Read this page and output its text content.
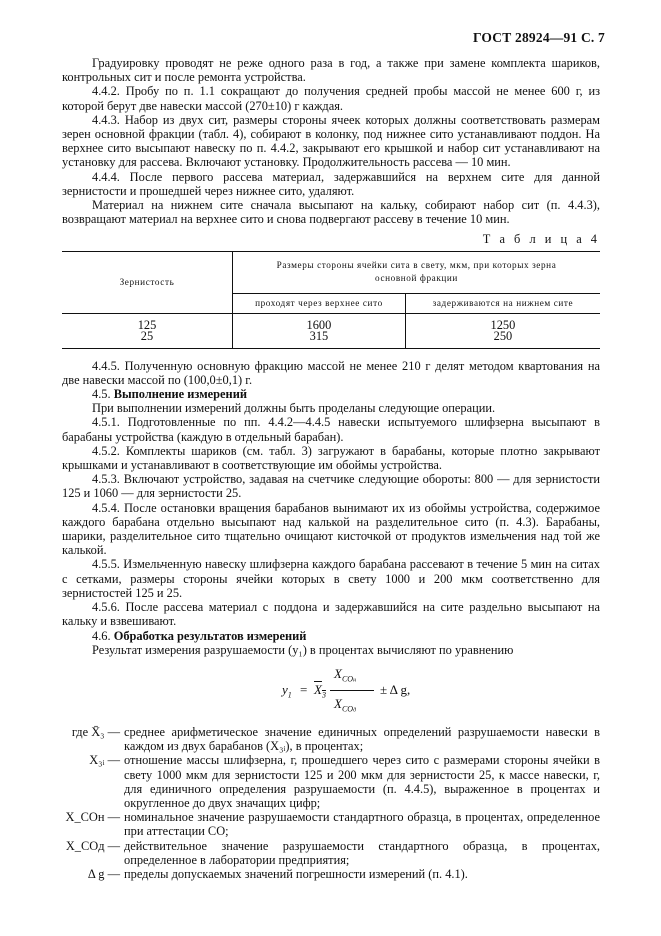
ГОСТ 28924—91 С. 7

Градуировку проводят не реже одного раза в год, а также при замене комплекта шариков, контрольных сит и после ремонта устройства.

4.4.2. Пробу по п. 1.1 сокращают до получения средней пробы массой не менее 600 г, из которой берут две навески массой (270±10) г каждая.

4.4.3. Набор из двух сит, размеры стороны ячеек которых должны соответствовать размерам зерен основной фракции (табл. 4), собирают в колонку, под нижнее сито устанавливают поддон. На верхнее сито высыпают навеску по п. 4.4.2, закрывают его крышкой и набор сит устанавливают на установку для рассева. Включают установку. Продолжительность рассева — 10 мин.

4.4.4. После первого рассева материал, задержавшийся на верхнем сите для данной зернистости и прошедшей через нижнее сито, удаляют.

Материал на нижнем сите сначала высыпают на кальку, собирают набор сит (п. 4.4.3), возвращают материал на верхнее сито и снова подвергают рассеву в течение 10 мин.

Т а б л и ц а 4
Зернистость	Размеры стороны ячейки сита в свету, мкм, при которых зерна основной фракции	
	проходят через верхнее сито	задерживаются на нижнем сите
125	1600	1250
25	315	250

4.4.5. Полученную основную фракцию массой не менее 210 г делят методом квартования на две навески массой по (100,0±0,1) г.

4.5. Выполнение измерений

При выполнении измерений должны быть проделаны следующие операции.

4.5.1. Подготовленные по пп. 4.4.2—4.4.5 навески испытуемого шлифзерна высыпают в барабаны устройства (каждую в отдельный барабан).

4.5.2. Комплекты шариков (см. табл. 3) загружают в барабаны, которые плотно закрывают крышками и устанавливают в соответствующие им обоймы устройства.

4.5.3. Включают устройство, задавая на счетчике следующие обороты: 800 — для зернистости 125 и 1060 — для зернистости 25.

4.5.4. После остановки вращения барабанов вынимают их из обоймы устройства, содержимое каждого барабана отдельно высыпают над калькой на разделительное сито (п. 4.3). Барабаны, шарики, разделительное сито тщательно очищают кисточкой от продуктов измельчения над той же калькой.

4.5.5. Измельченную навеску шлифзерна каждого барабана рассевают в течение 5 мин на ситах с сетками, размеры стороны ячейки которых в свету 1000 и 200 мкм соответственно для зернистостей 125 и 25.

4.5.6. После рассева материал с поддона и задержавшийся на сите раздельно высыпают на кальку и взвешивают.

4.6. Обработка результатов измерений

Результат измерения разрушаемости (y₁) в процентах вычисляют по уравнению

$y_1 = X_3$
$X_{COн}$
$X_{COд}$
± Δ g,
где X̄₃ — среднее арифметическое значение единичных определений разрушаемости навески в каждом из двух барабанов (X₃ᵢ), в процентах;
X₃ᵢ — отношение массы шлифзерна, г, прошедшего через сито с размерами стороны ячейки в свету 1000 мкм для зернистости 125 и 200 мкм для зернистости 25, к массе навески, г, для единичного определения разрушаемости (п. 4.4.5), выраженное в процентах и округленное до двух значащих цифр;
X_COн — номинальное значение разрушаемости стандартного образца, в процентах, определенное при аттестации СО;
X_COд — действительное значение разрушаемости стандартного образца, в процентах, определенное в лаборатории предприятия;
Δ g — пределы допускаемых значений погрешности измерений (п. 4.1).
